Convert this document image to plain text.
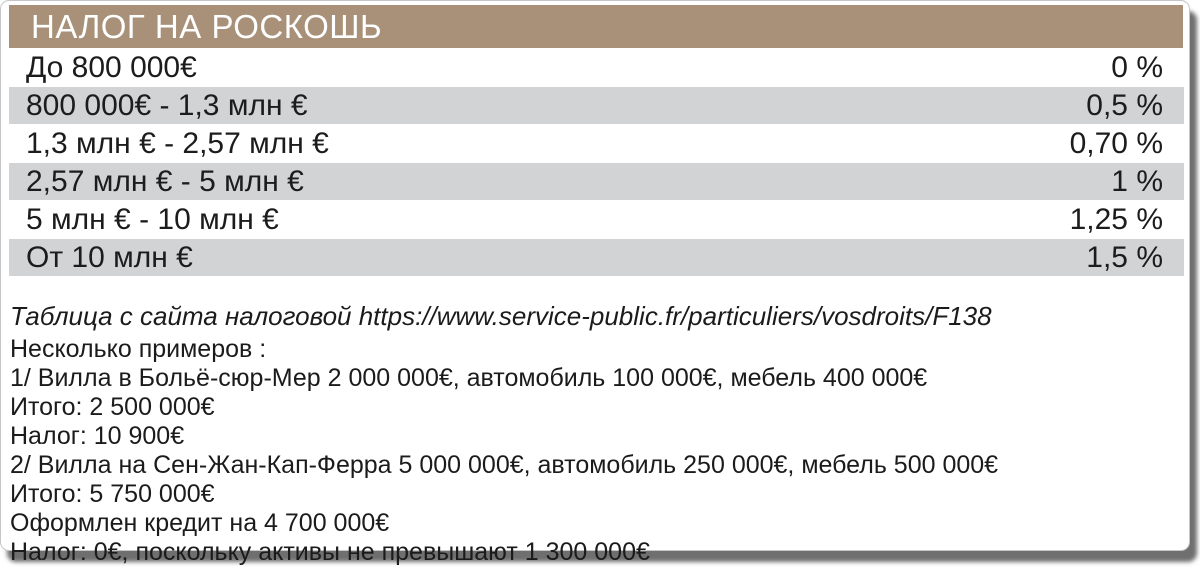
НАЛОГ НА РОСКОШЬ
До 800 000€	0 %
800 000€ - 1,3 млн €	0,5 %
1,3 млн € - 2,57 млн €	0,70 %
2,57 млн € - 5 млн €	1 %
5 млн € - 10 млн €	1,25 %
От 10 млн €	1,5 %
Таблица с сайта налоговой https://www.service-public.fr/particuliers/vosdroits/F138
Несколько примеров :
1/ Вилла в Больё-сюр-Мер 2 000 000€, автомобиль 100 000€, мебель 400 000€
Итого: 2 500 000€
Налог: 10 900€
2/ Вилла на Сен-Жан-Кап-Ферра 5 000 000€, автомобиль 250 000€, мебель 500 000€
Итого: 5 750 000€
Оформлен кредит на 4 700 000€
Налог: 0€, поскольку активы не превышают 1 300 000€
